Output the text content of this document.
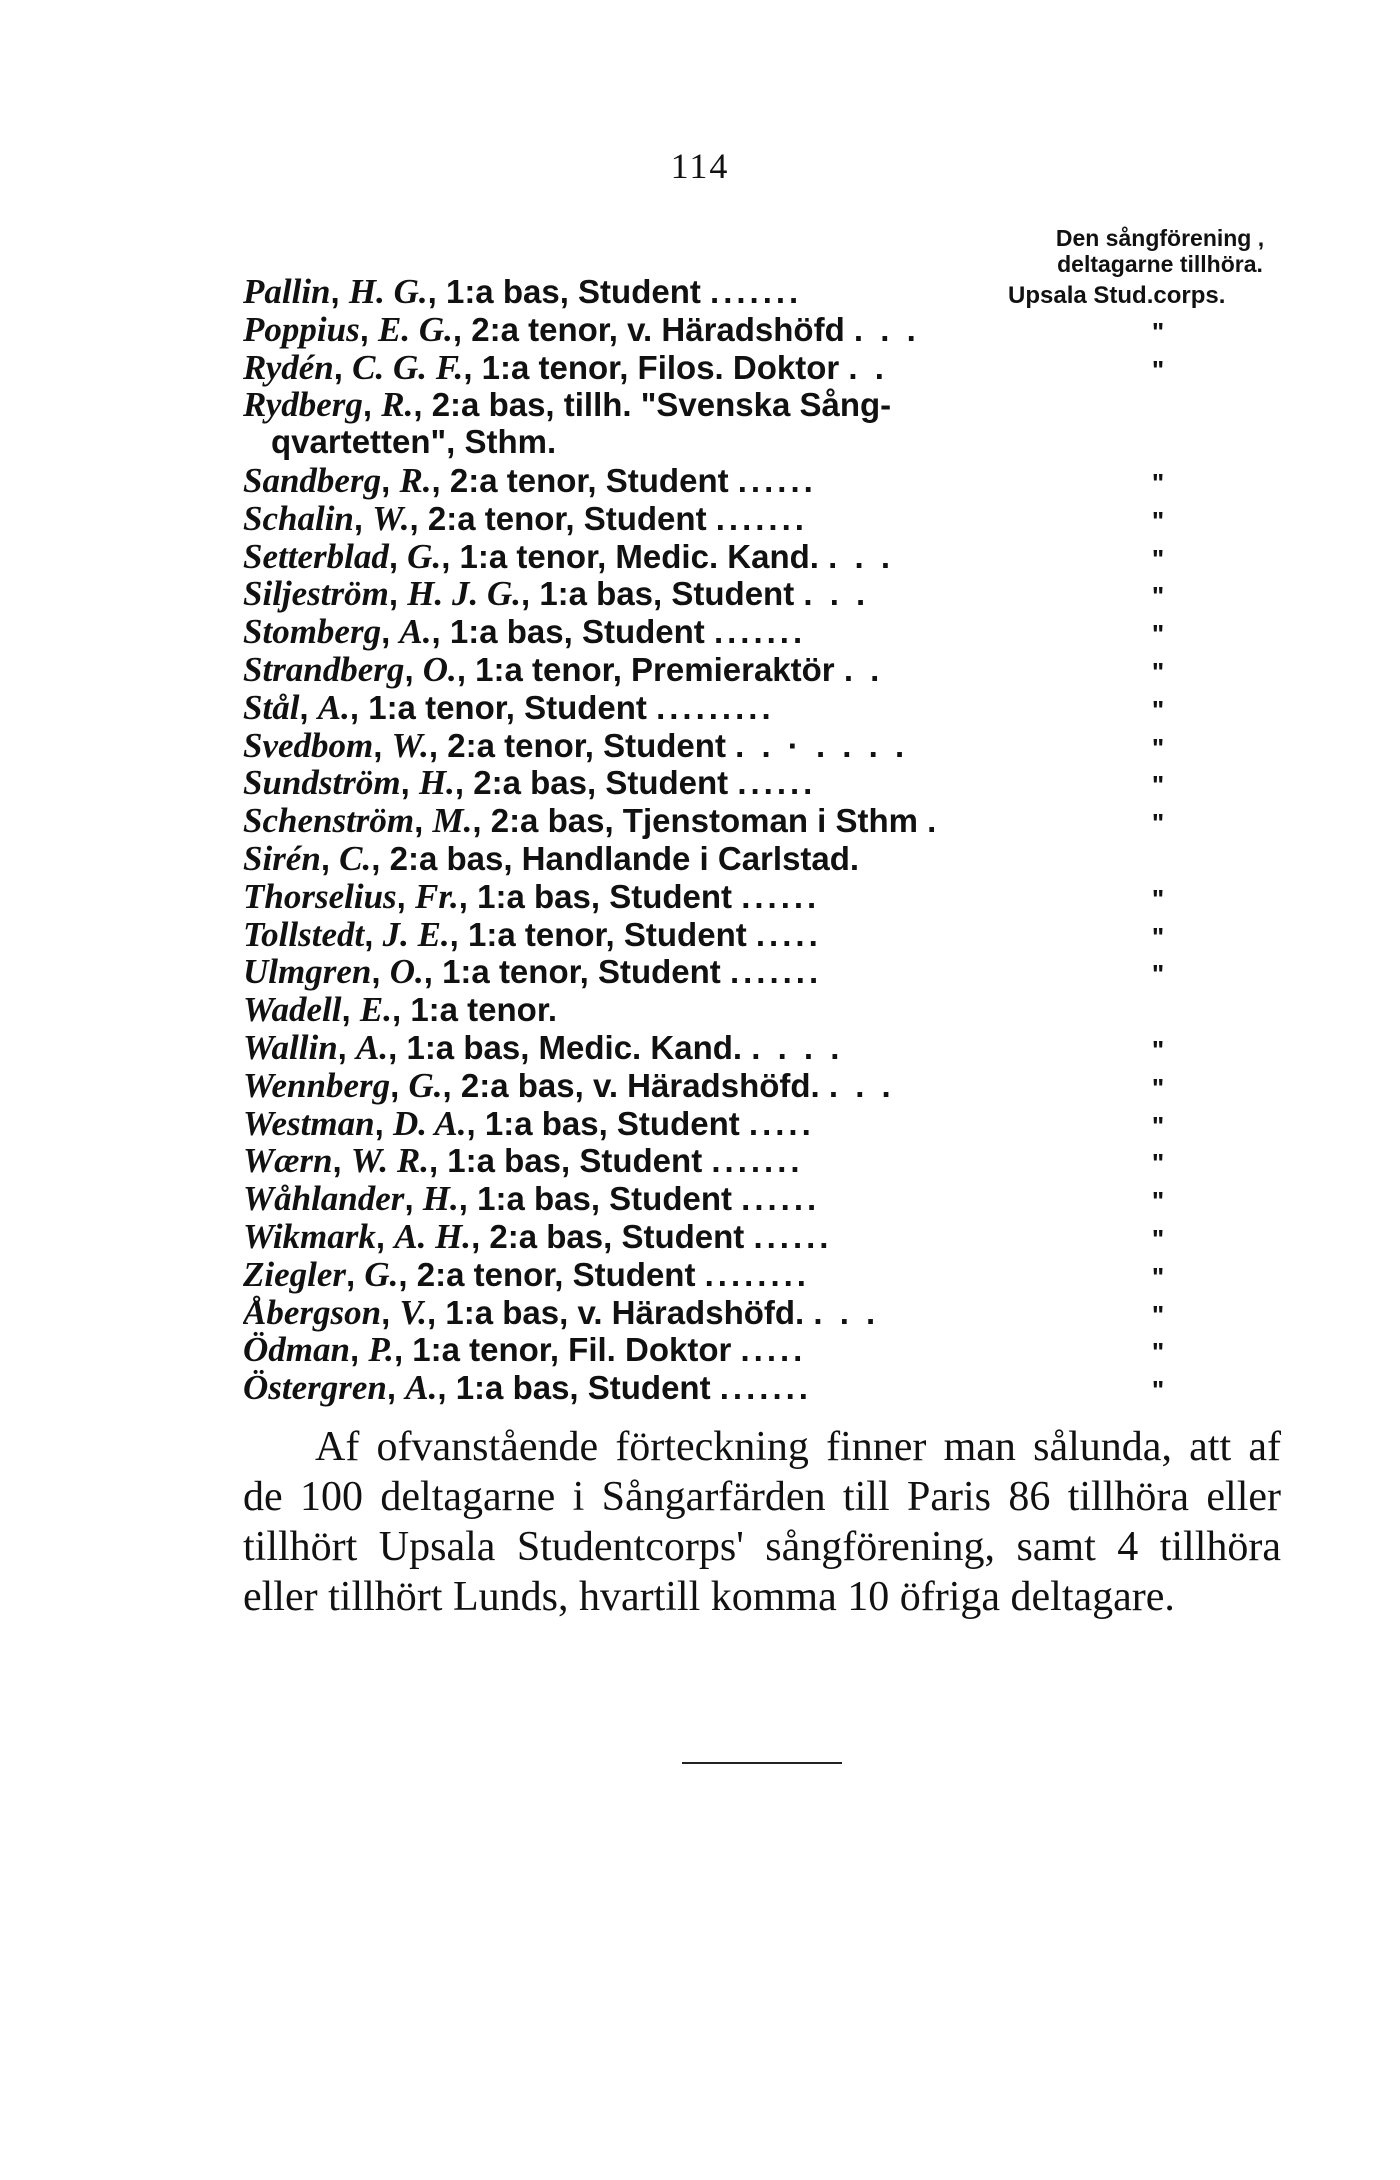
114
Den sångförening ,
deltagarne tillhöra.
Pallin, H. G., 1:a bas, Student .......	Upsala Stud.corps.
Poppius, E. G., 2:a tenor, v. Häradshöfd . . .	"
Rydén, C. G. F., 1:a tenor, Filos. Doktor . .	"
Rydberg, R., 2:a bas, tillh. "Svenska Sång-
qvartetten", Sthm.
Sandberg, R., 2:a tenor, Student ......	"
Schalin, W., 2:a tenor, Student .......	"
Setterblad, G., 1:a tenor, Medic. Kand. . . .	"
Siljeström, H. J. G., 1:a bas, Student . . .	"
Stomberg, A., 1:a bas, Student .......	"
Strandberg, O., 1:a tenor, Premieraktör . .	"
Stål, A., 1:a tenor, Student .........	"
Svedbom, W., 2:a tenor, Student . . · . . . .	"
Sundström, H., 2:a bas, Student ......	"
Schenström, M., 2:a bas, Tjenstoman i Sthm .	"
Sirén, C., 2:a bas, Handlande i Carlstad.
Thorselius, Fr., 1:a bas, Student ......	"
Tollstedt, J. E., 1:a tenor, Student .....	"
Ulmgren, O., 1:a tenor, Student .......	"
Wadell, E., 1:a tenor.
Wallin, A., 1:a bas, Medic. Kand. . . . .	"
Wennberg, G., 2:a bas, v. Häradshöfd. . . .	"
Westman, D. A., 1:a bas, Student .....	"
Wærn, W. R., 1:a bas, Student .......	"
Wåhlander, H., 1:a bas, Student ......	"
Wikmark, A. H., 2:a bas, Student ......	"
Ziegler, G., 2:a tenor, Student ........	"
Åbergson, V., 1:a bas, v. Häradshöfd. . . .	"
Ödman, P., 1:a tenor, Fil. Doktor .....	"
Östergren, A., 1:a bas, Student .......	"
Af ofvanstående förteckning finner man sålunda, att af de 100 deltagarne i Sångarfärden till Paris 86 tillhöra eller tillhört Upsala Studentcorps' sångförening, samt 4 tillhöra eller tillhört Lunds, hvartill komma 10 öfriga deltagare.
